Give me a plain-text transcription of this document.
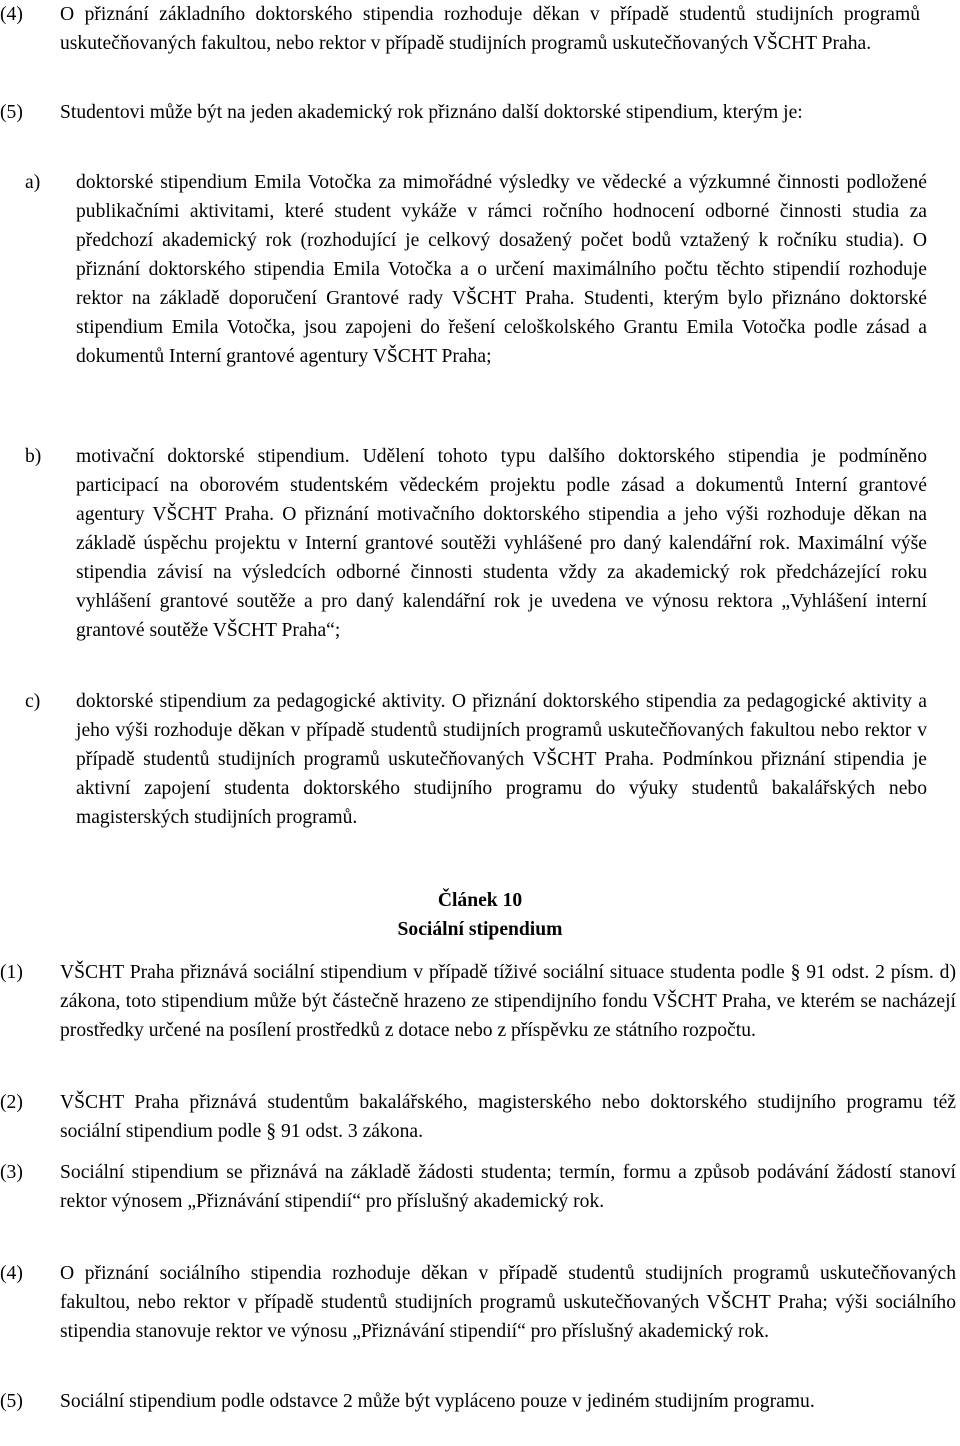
(4) O přiznání základního doktorského stipendia rozhoduje děkan v případě studentů studijních programů uskutečňovaných fakultou, nebo rektor v případě studijních programů uskutečňovaných VŠCHT Praha.
(5) Studentovi může být na jeden akademický rok přiznáno další doktorské stipendium, kterým je:
a) doktorské stipendium Emila Votočka za mimořádné výsledky ve vědecké a výzkumné činnosti podložené publikačními aktivitami, které student vykáže v rámci ročního hodnocení odborné činnosti studia za předchozí akademický rok (rozhodující je celkový dosažený počet bodů vztažený k ročníku studia). O přiznání doktorského stipendia Emila Votočka a o určení maximálního počtu těchto stipendií rozhoduje rektor na základě doporučení Grantové rady VŠCHT Praha. Studenti, kterým bylo přiznáno doktorské stipendium Emila Votočka, jsou zapojeni do řešení celoškolského Grantu Emila Votočka podle zásad a dokumentů Interní grantové agentury VŠCHT Praha;
b) motivační doktorské stipendium. Udělení tohoto typu dalšího doktorského stipendia je podmíněno participací na oborovém studentském vědeckém projektu podle zásad a dokumentů Interní grantové agentury VŠCHT Praha. O přiznání motivačního doktorského stipendia a jeho výši rozhoduje děkan na základě úspěchu projektu v Interní grantové soutěži vyhlášené pro daný kalendářní rok. Maximální výše stipendia závisí na výsledcích odborné činnosti studenta vždy za akademický rok předcházející roku vyhlášení grantové soutěže a pro daný kalendářní rok je uvedena ve výnosu rektora „Vyhlášení interní grantové soutěže VŠCHT Praha“;
c) doktorské stipendium za pedagogické aktivity. O přiznání doktorského stipendia za pedagogické aktivity a jeho výši rozhoduje děkan v případě studentů studijních programů uskutečňovaných fakultou nebo rektor v případě studentů studijních programů uskutečňovaných VŠCHT Praha. Podmínkou přiznání stipendia je aktivní zapojení studenta doktorského studijního programu do výuky studentů bakalářských nebo magisterských studijních programů.
Článek 10
Sociální stipendium
(1) VŠCHT Praha přiznává sociální stipendium v případě tíživé sociální situace studenta podle § 91 odst. 2 písm. d) zákona, toto stipendium může být částečně hrazeno ze stipendijního fondu VŠCHT Praha, ve kterém se nacházejí prostředky určené na posílení prostředků z dotace nebo z příspěvku ze státního rozpočtu.
(2) VŠCHT Praha přiznává studentům bakalářského, magisterského nebo doktorského studijního programu též sociální stipendium podle § 91 odst. 3 zákona.
(3) Sociální stipendium se přiznává na základě žádosti studenta; termín, formu a způsob podávání žádostí stanoví rektor výnosem „Přiznávání stipendií“ pro příslušný akademický rok.
(4) O přiznání sociálního stipendia rozhoduje děkan v případě studentů studijních programů uskutečňovaných fakultou, nebo rektor v případě studentů studijních programů uskutečňovaných VŠCHT Praha; výši sociálního stipendia stanovuje rektor ve výnosu „Přiznávání stipendií“ pro příslušný akademický rok.
(5) Sociální stipendium podle odstavce 2 může být vypláceno pouze v jediném studijním programu.
